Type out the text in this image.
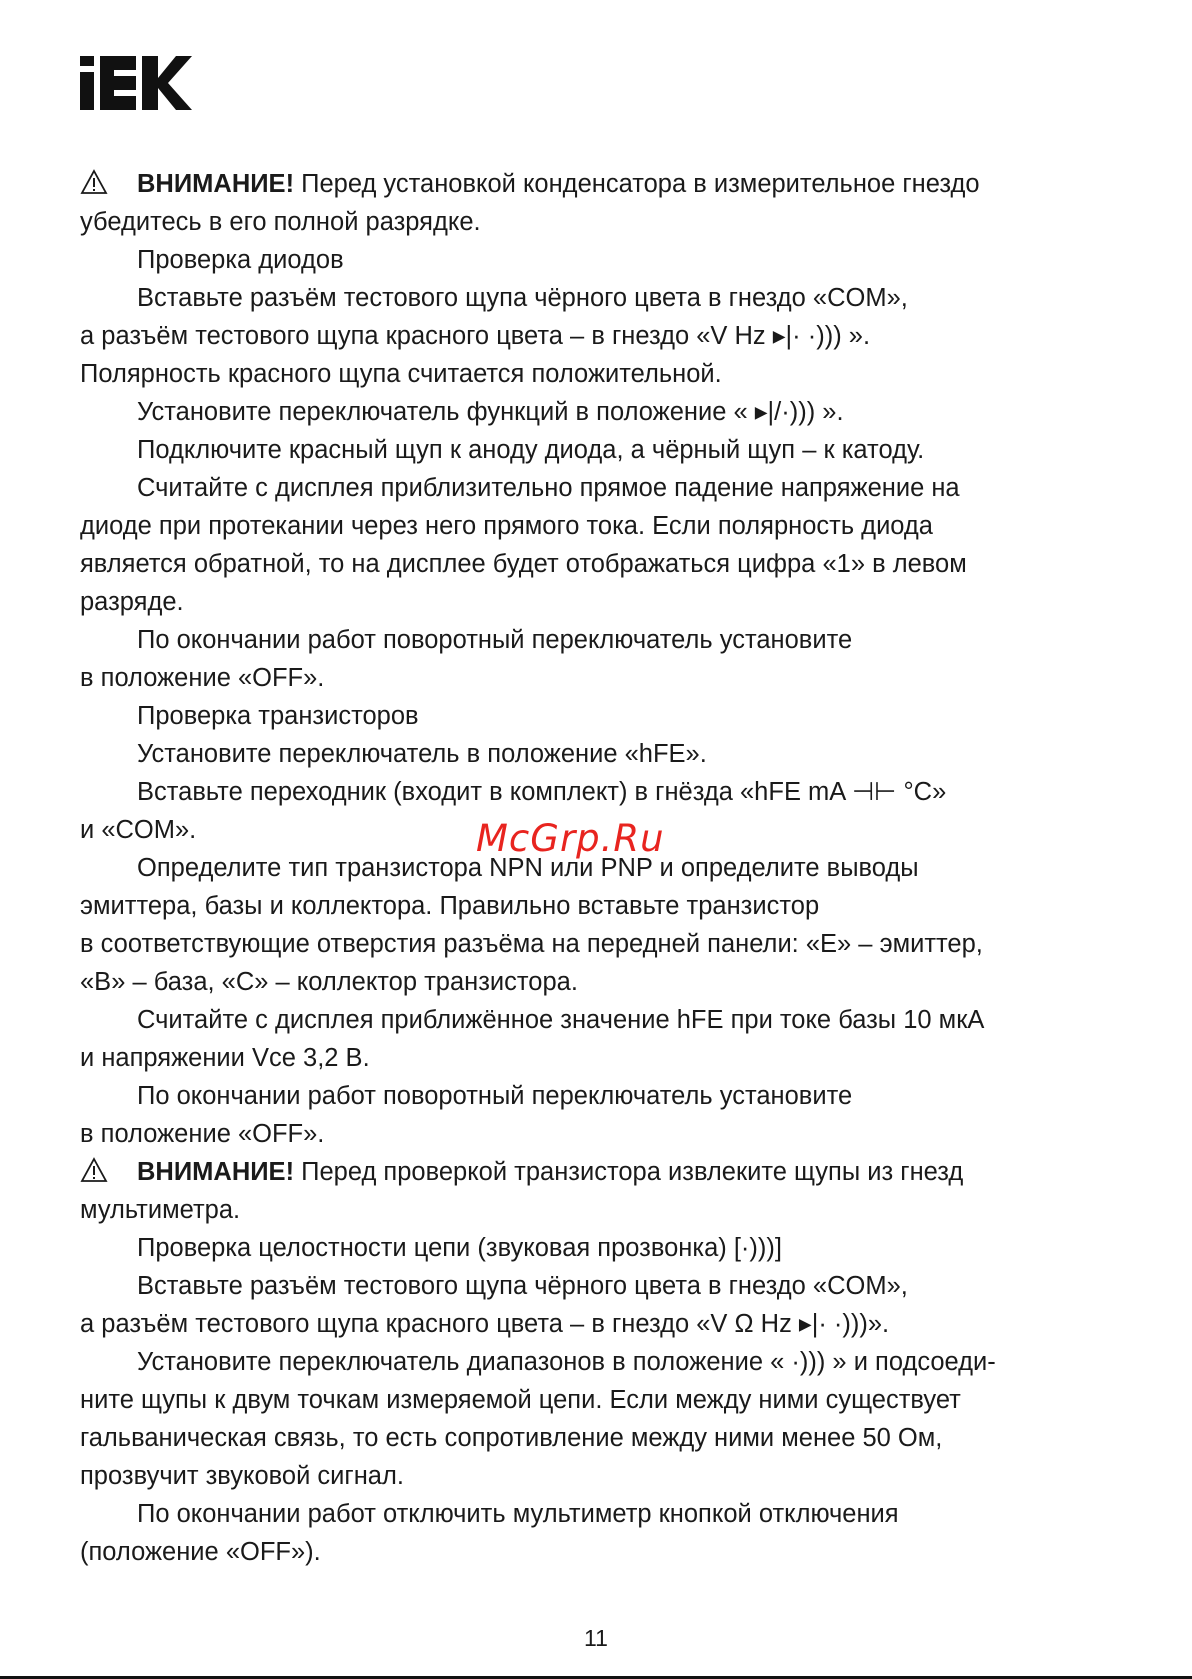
ВНИМАНИЕ! Перед установкой конденсатора в измерительное гнездо
убедитесь в его полной разрядке.
Проверка диодов
Вставьте разъём тестового щупа чёрного цвета в гнездо «COM»,
а разъём тестового щупа красного цвета – в гнездо «V Hz ▸|· ·))) ».
Полярность красного щупа считается положительной.
Установите переключатель функций в положение « ▸|/·))) ».
Подключите красный щуп к аноду диода, а чёрный щуп – к катоду.
Считайте с дисплея приблизительно прямое падение напряжение на
диоде при протекании через него прямого тока. Если полярность диода
является обратной, то на дисплее будет отображаться цифра «1» в левом
разряде.
По окончании работ поворотный переключатель установите
в положение «OFF».
Проверка транзисторов
Установите переключатель в положение «hFE».
Вставьте переходник (входит в комплект) в гнёзда «hFE mA ⊣⊢ °C»
и «COM».
Определите тип транзистора NPN или PNP и определите выводы
эмиттера, базы и коллектора. Правильно вставьте транзистор
в соответствующие отверстия разъёма на передней панели: «E» – эмиттер,
«B» – база, «C» – коллектор транзистора.
Считайте с дисплея приближённое значение hFE при токе базы 10 мкА
и напряжении Vce 3,2 В.
По окончании работ поворотный переключатель установите
в положение «OFF».
ВНИМАНИЕ! Перед проверкой транзистора извлеките щупы из гнезд
мультиметра.
Проверка целостности цепи (звуковая прозвонка) [·)))]
Вставьте разъём тестового щупа чёрного цвета в гнездо «COM»,
а разъём тестового щупа красного цвета – в гнездо «V Ω Hz ▸|· ·)))».
Установите переключатель диапазонов в положение « ·))) » и подсоеди-
ните щупы к двум точкам измеряемой цепи. Если между ними существует
гальваническая связь, то есть сопротивление между ними менее 50 Ом,
прозвучит звуковой сигнал.
По окончании работ отключить мультиметр кнопкой отключения
(положение «OFF»).
McGrp.Ru
11
